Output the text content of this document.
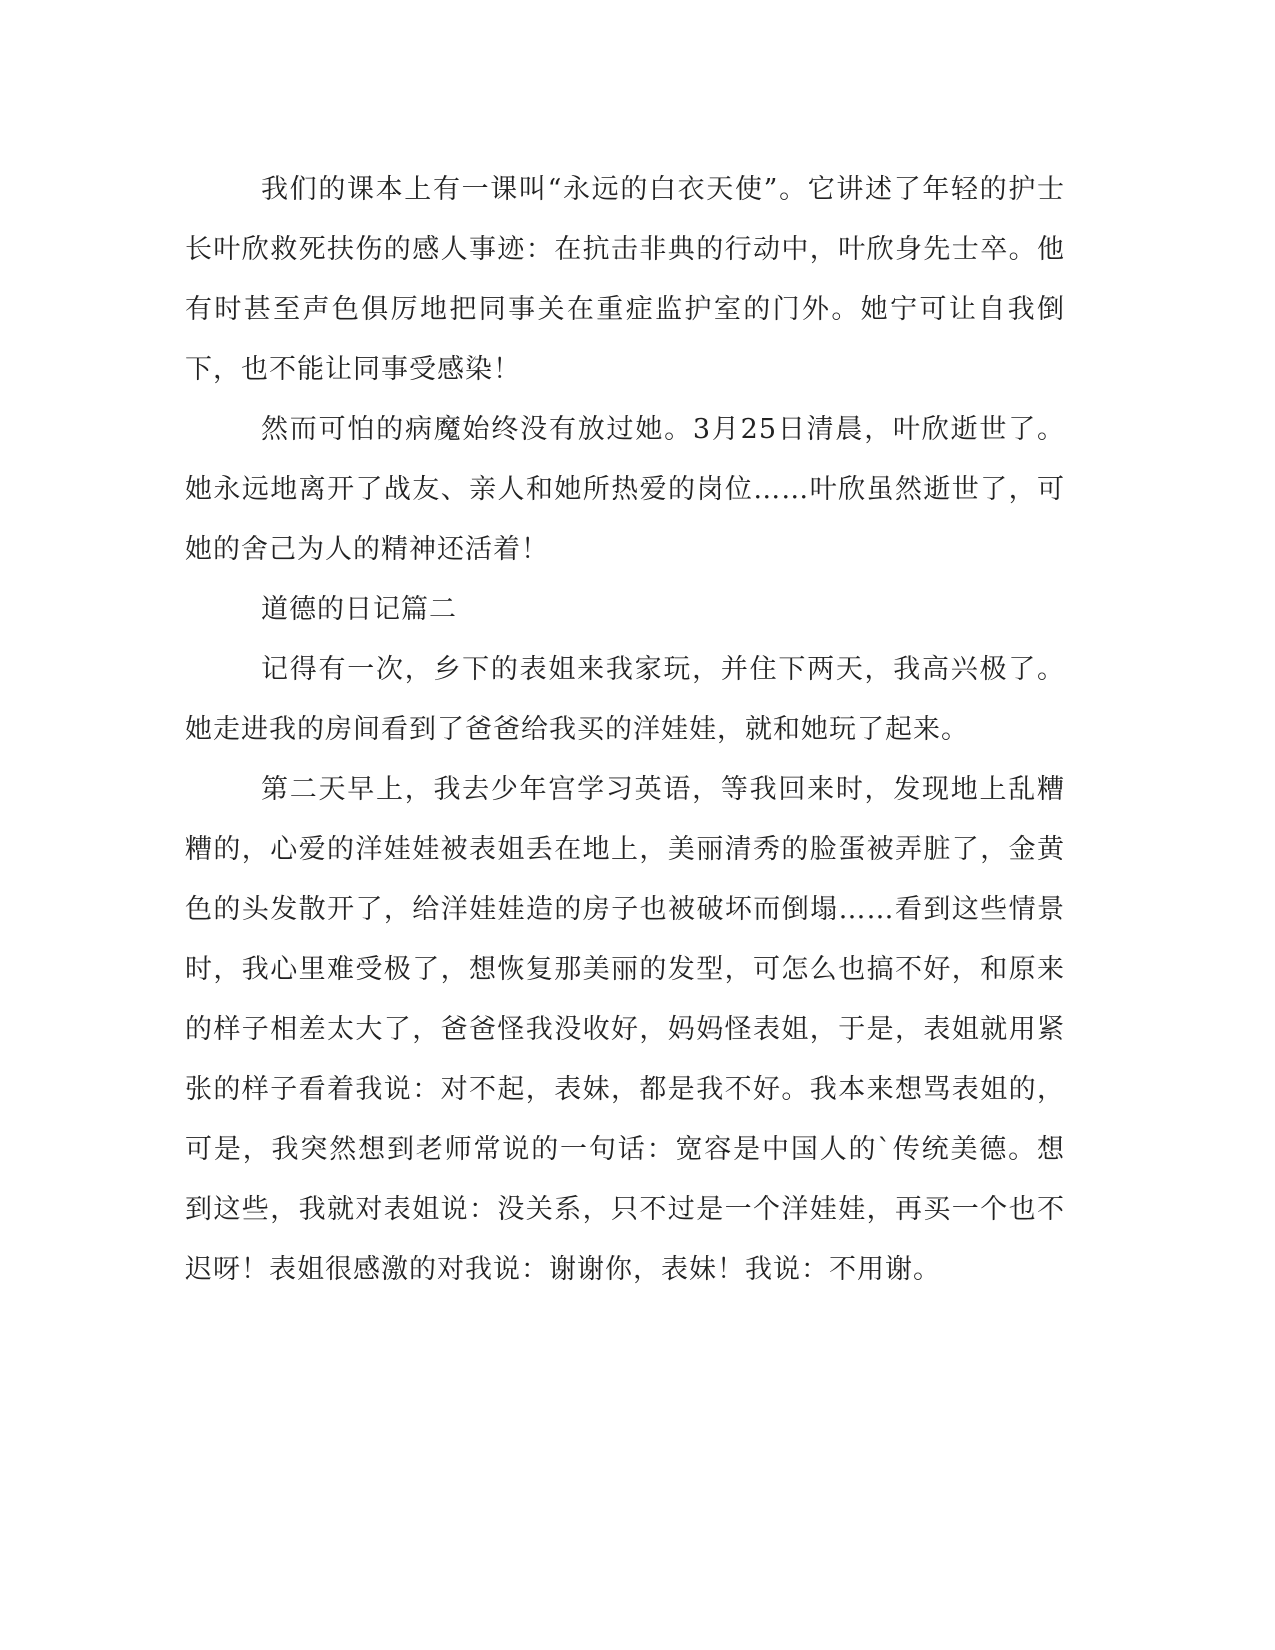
我们的课本上有一课叫“永远的白衣天使”。它讲述了年轻的护士长叶欣救死扶伤的感人事迹：在抗击非典的行动中，叶欣身先士卒。他有时甚至声色俱厉地把同事关在重症监护室的门外。她宁可让自我倒下，也不能让同事受感染！

然而可怕的病魔始终没有放过她。3月25日清晨，叶欣逝世了。她永远地离开了战友、亲人和她所热爱的岗位……叶欣虽然逝世了，可她的舍己为人的精神还活着！

道德的日记篇二

记得有一次，乡下的表姐来我家玩，并住下两天，我高兴极了。她走进我的房间看到了爸爸给我买的洋娃娃，就和她玩了起来。

第二天早上，我去少年宫学习英语，等我回来时，发现地上乱糟糟的，心爱的洋娃娃被表姐丢在地上，美丽清秀的脸蛋被弄脏了，金黄色的头发散开了，给洋娃娃造的房子也被破坏而倒塌……看到这些情景时，我心里难受极了，想恢复那美丽的发型，可怎么也搞不好，和原来的样子相差太大了，爸爸怪我没收好，妈妈怪表姐，于是，表姐就用紧张的样子看着我说：对不起，表妹，都是我不好。我本来想骂表姐的，可是，我突然想到老师常说的一句话：宽容是中国人的`传统美德。想到这些，我就对表姐说：没关系，只不过是一个洋娃娃，再买一个也不迟呀！表姐很感激的对我说：谢谢你，表妹！我说：不用谢。
